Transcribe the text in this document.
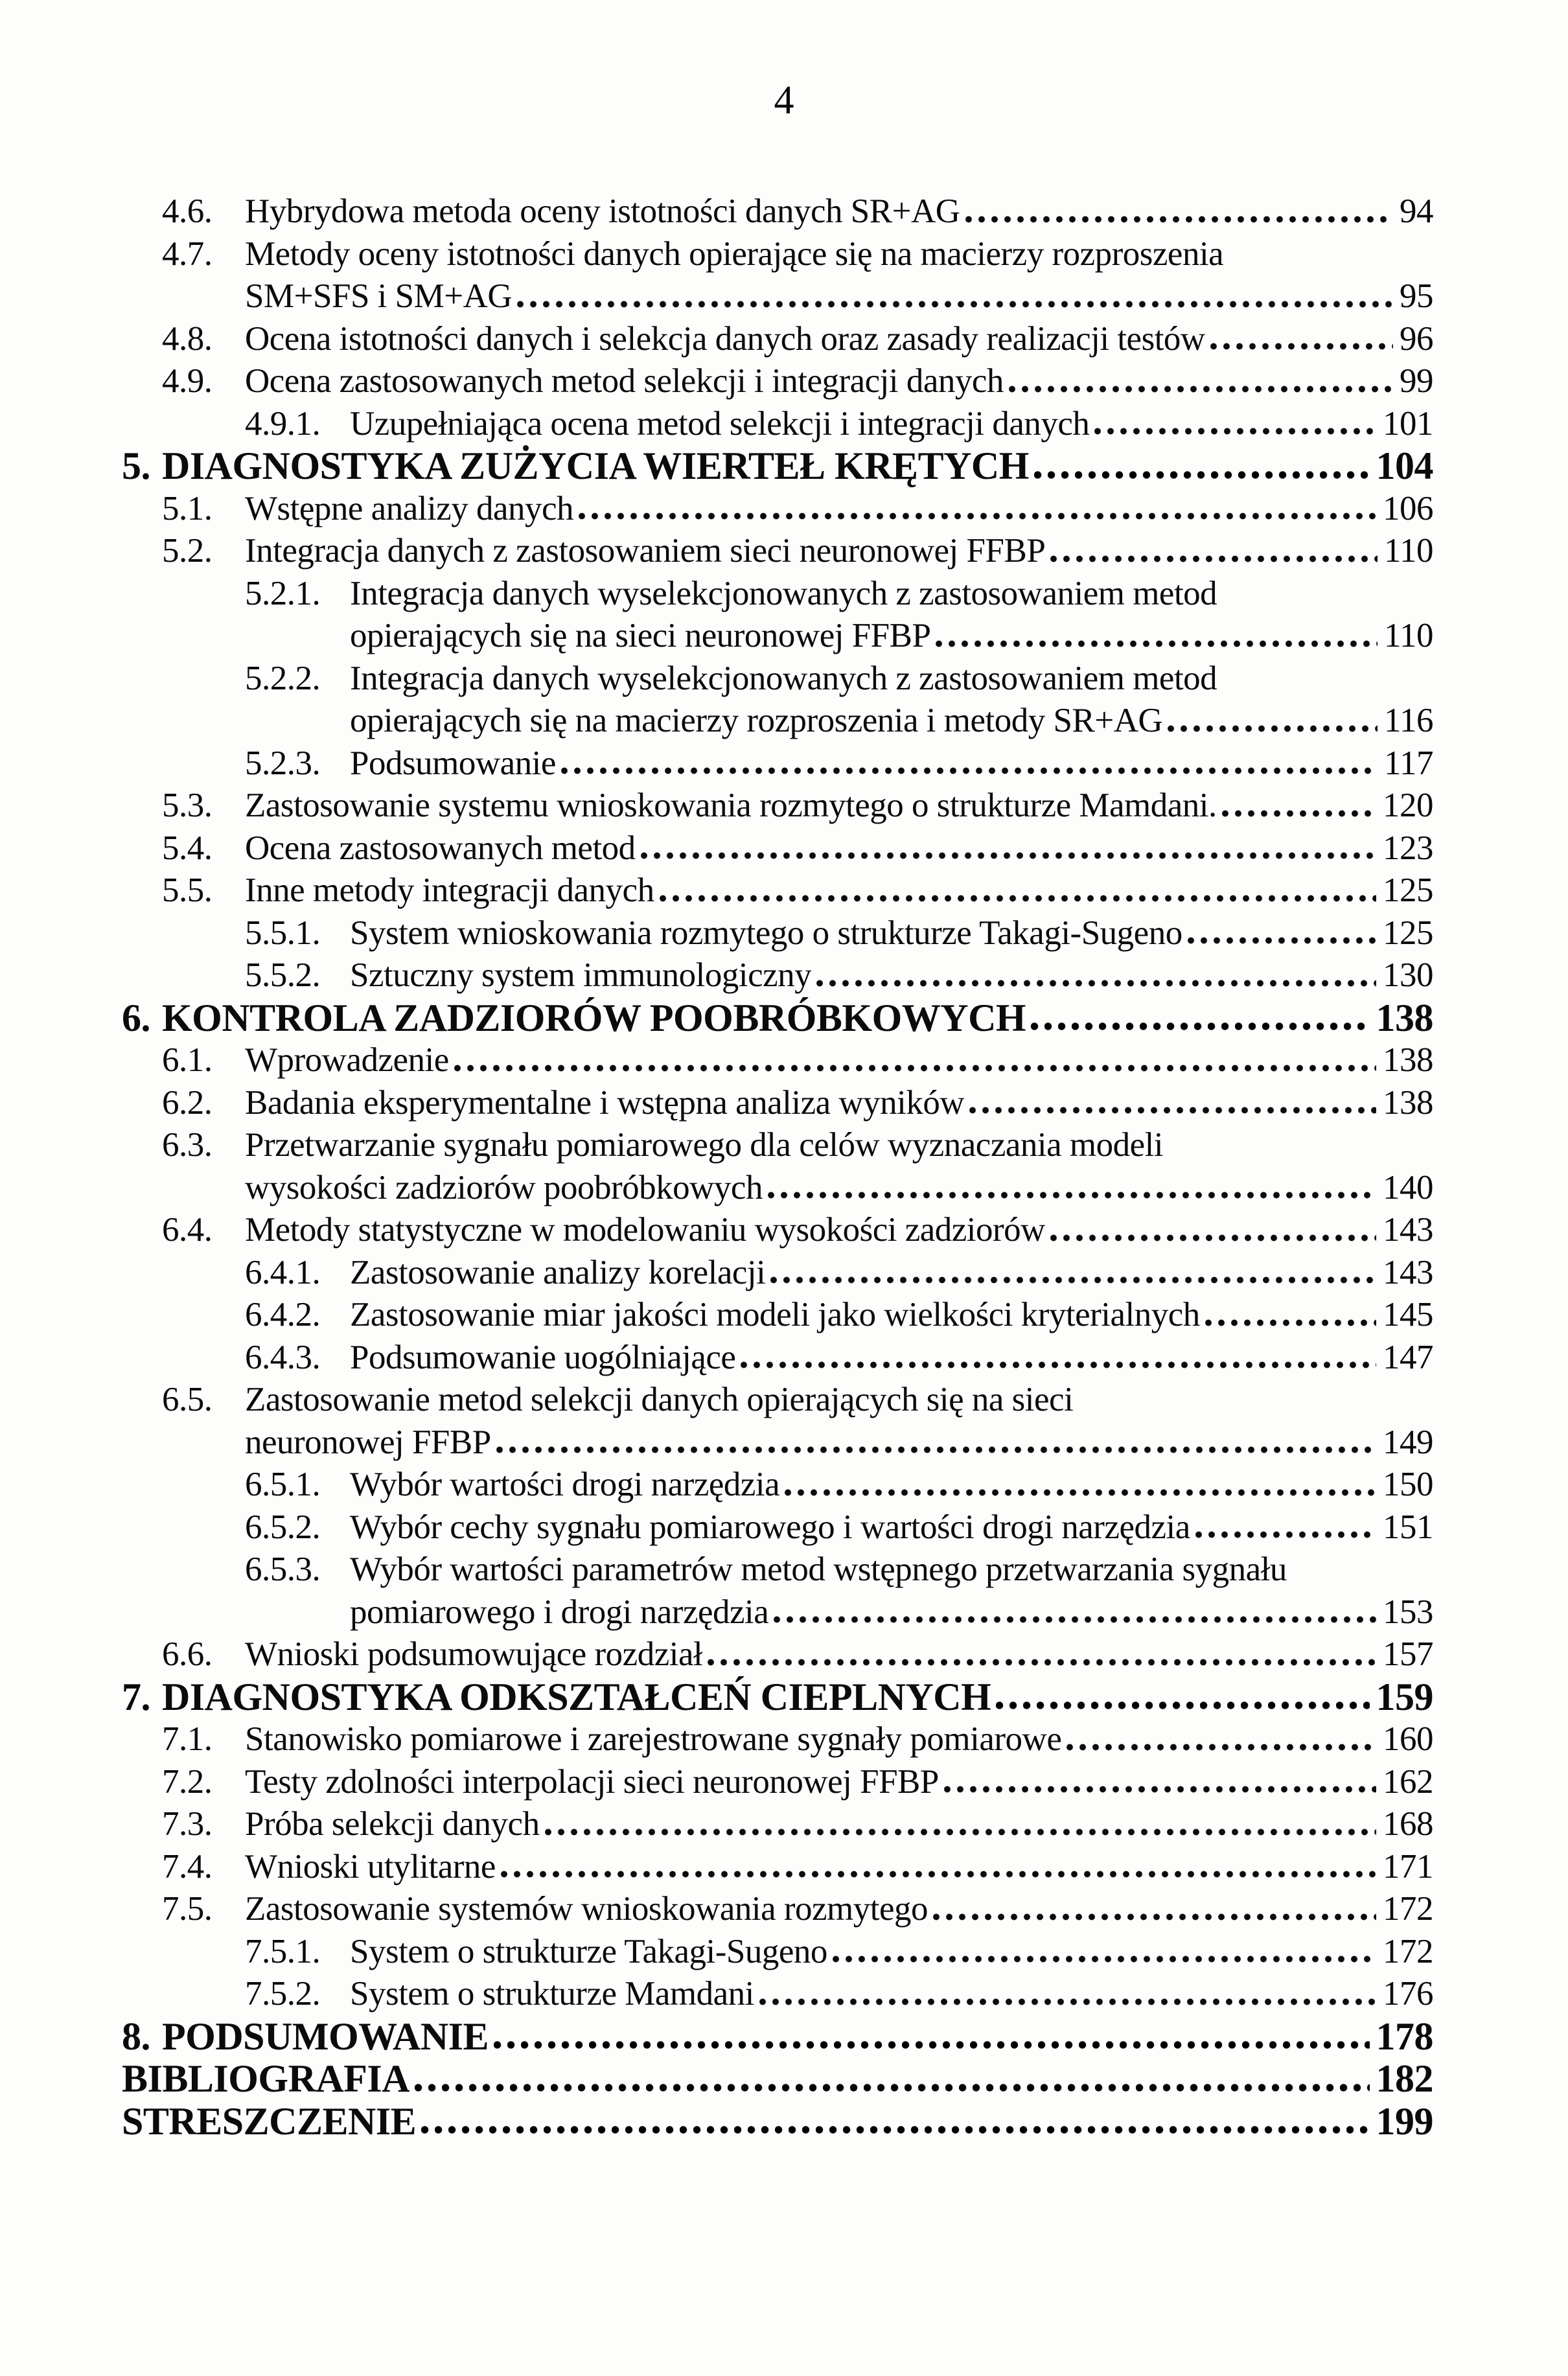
4
4.6. Hybrydowa metoda oceny istotności danych SR+AG	94
4.7. Metody oceny istotności danych opierające się na macierzy rozproszenia
SM+SFS i SM+AG	95
4.8. Ocena istotności danych i selekcja danych oraz zasady realizacji testów	96
4.9. Ocena zastosowanych metod selekcji i integracji danych	99
4.9.1. Uzupełniająca ocena metod selekcji i integracji danych	101
5. DIAGNOSTYKA ZUŻYCIA WIERTEŁ KRĘTYCH	104
5.1. Wstępne analizy danych	106
5.2. Integracja danych z zastosowaniem sieci neuronowej FFBP	110
5.2.1. Integracja danych wyselekcjonowanych z zastosowaniem metod
opierających się na sieci neuronowej FFBP	110
5.2.2. Integracja danych wyselekcjonowanych z zastosowaniem metod
opierających się na macierzy rozproszenia i metody SR+AG	116
5.2.3. Podsumowanie	117
5.3. Zastosowanie systemu wnioskowania rozmytego o strukturze Mamdani.	120
5.4. Ocena zastosowanych metod	123
5.5. Inne metody integracji danych	125
5.5.1. System wnioskowania rozmytego o strukturze Takagi-Sugeno	125
5.5.2. Sztuczny system immunologiczny	130
6. KONTROLA ZADZIORÓW POOBRÓBKOWYCH	138
6.1. Wprowadzenie	138
6.2. Badania eksperymentalne i wstępna analiza wyników	138
6.3. Przetwarzanie sygnału pomiarowego dla celów wyznaczania modeli
wysokości zadziorów poobróbkowych	140
6.4. Metody statystyczne w modelowaniu wysokości zadziorów	143
6.4.1. Zastosowanie analizy korelacji	143
6.4.2. Zastosowanie miar jakości modeli jako wielkości kryterialnych	145
6.4.3. Podsumowanie uogólniające	147
6.5. Zastosowanie metod selekcji danych opierających się na sieci
neuronowej FFBP	149
6.5.1. Wybór wartości drogi narzędzia	150
6.5.2. Wybór cechy sygnału pomiarowego i wartości drogi narzędzia	151
6.5.3. Wybór wartości parametrów metod wstępnego przetwarzania sygnału
pomiarowego i drogi narzędzia	153
6.6. Wnioski podsumowujące rozdział	157
7. DIAGNOSTYKA ODKSZTAŁCEŃ CIEPLNYCH	159
7.1. Stanowisko pomiarowe i zarejestrowane sygnały pomiarowe	160
7.2. Testy zdolności interpolacji sieci neuronowej FFBP	162
7.3. Próba selekcji danych	168
7.4. Wnioski utylitarne	171
7.5. Zastosowanie systemów wnioskowania rozmytego	172
7.5.1. System o strukturze Takagi-Sugeno	172
7.5.2. System o strukturze Mamdani	176
8. PODSUMOWANIE	178
BIBLIOGRAFIA	182
STRESZCZENIE	199
